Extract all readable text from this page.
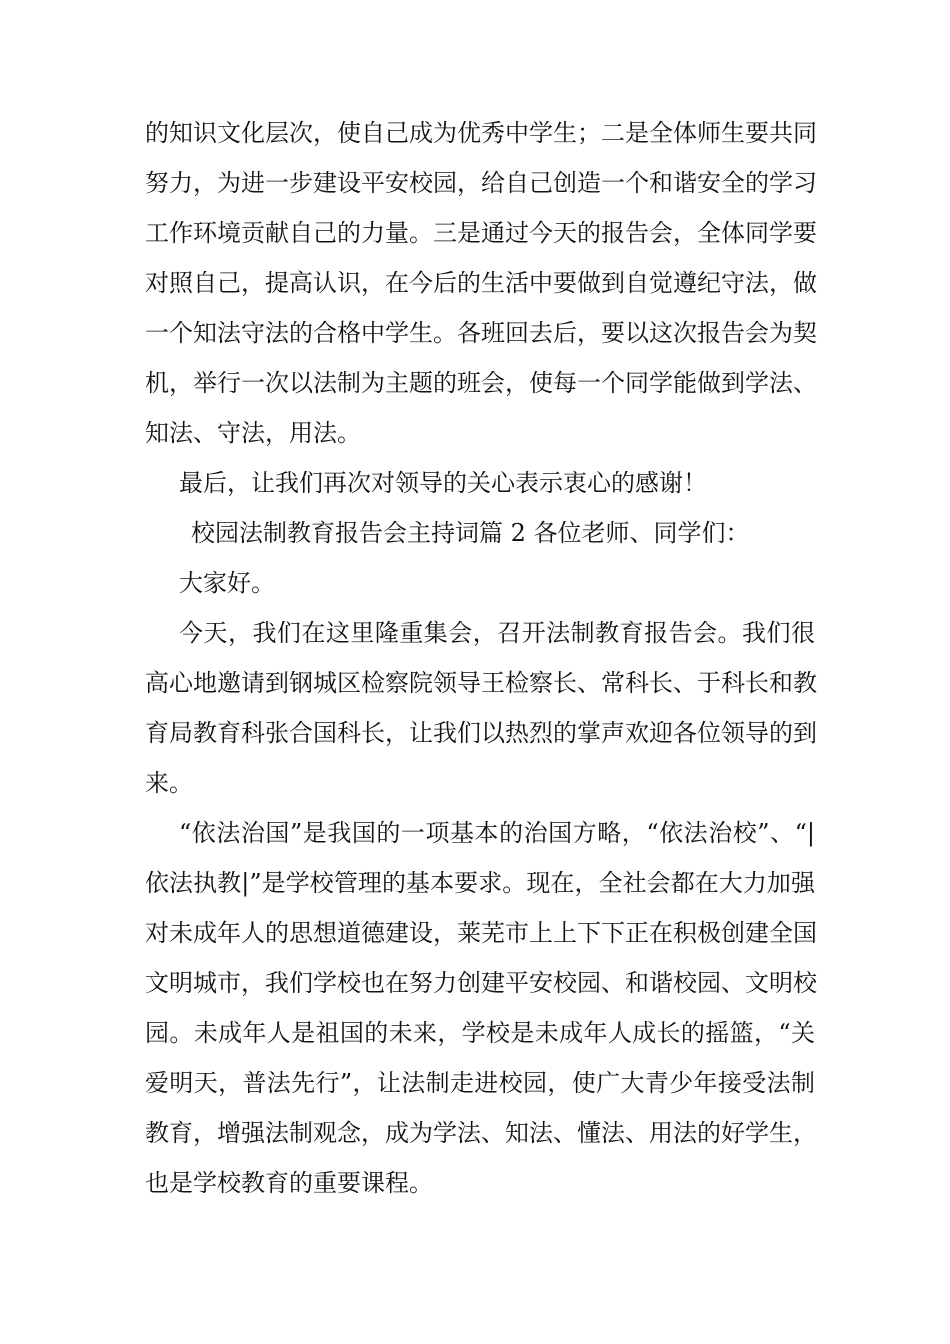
的知识文化层次，使自己成为优秀中学生；二是全体师生要共同
努力，为进一步建设平安校园，给自己创造一个和谐安全的学习
工作环境贡献自己的力量。三是通过今天的报告会，全体同学要
对照自己，提高认识，在今后的生活中要做到自觉遵纪守法，做
一个知法守法的合格中学生。各班回去后，要以这次报告会为契
机，举行一次以法制为主题的班会，使每一个同学能做到学法、
知法、守法，用法。
最后，让我们再次对领导的关心表示衷心的感谢！
校园法制教育报告会主持词篇 2 各位老师、同学们：
大家好。
今天，我们在这里隆重集会，召开法制教育报告会。我们很
高心地邀请到钢城区检察院领导王检察长、常科长、于科长和教
育局教育科张合国科长，让我们以热烈的掌声欢迎各位领导的到
来。
“依法治国”是我国的一项基本的治国方略，“依法治校”、“|
依法执教|”是学校管理的基本要求。现在，全社会都在大力加强
对未成年人的思想道德建设，莱芜市上上下下正在积极创建全国
文明城市，我们学校也在努力创建平安校园、和谐校园、文明校
园。未成年人是祖国的未来，学校是未成年人成长的摇篮，“关
爱明天，普法先行”，让法制走进校园，使广大青少年接受法制
教育，增强法制观念，成为学法、知法、懂法、用法的好学生，
也是学校教育的重要课程。
